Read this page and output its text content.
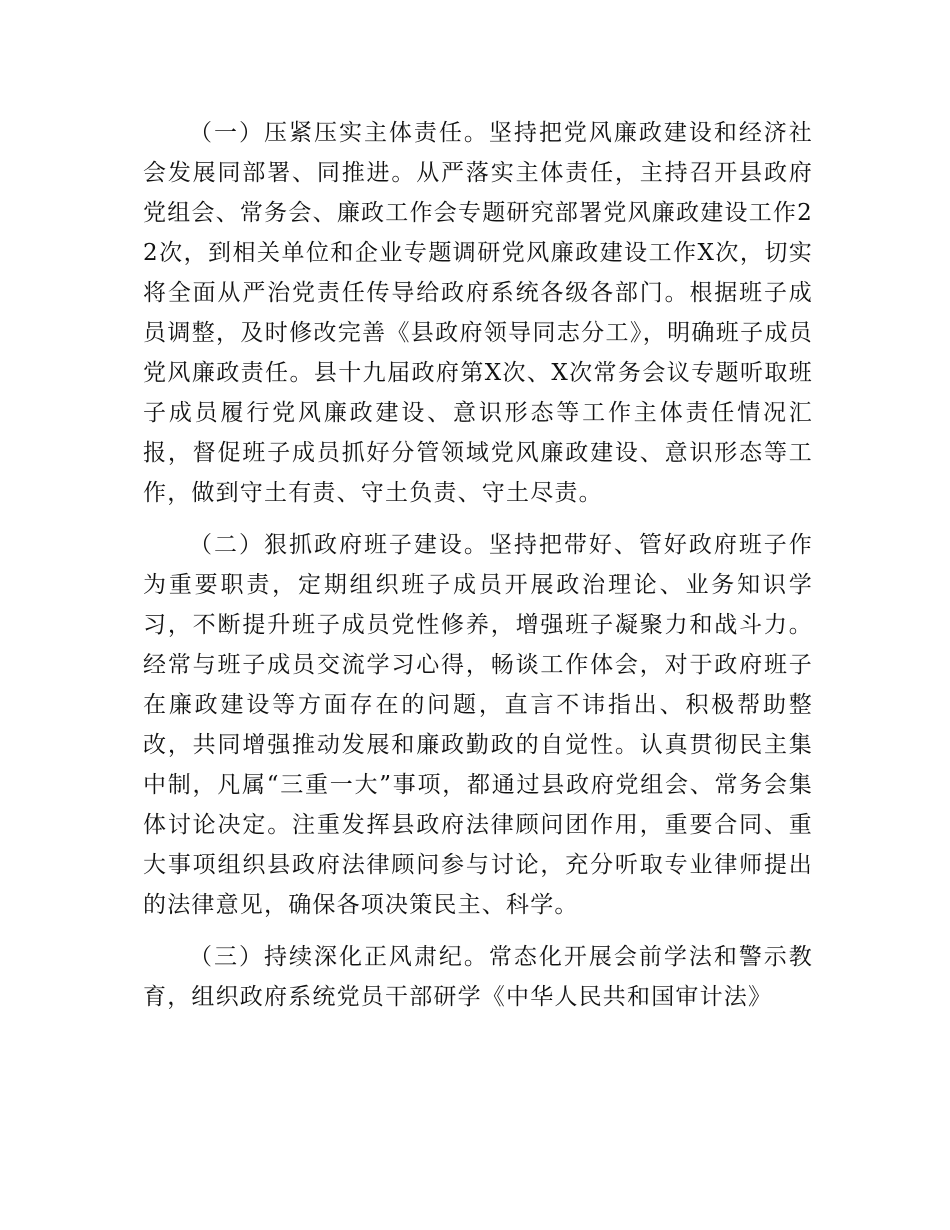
（一）压紧压实主体责任。坚持把党风廉政建设和经济社会发展同部署、同推进。从严落实主体责任，主持召开县政府党组会、常务会、廉政工作会专题研究部署党风廉政建设工作22次，到相关单位和企业专题调研党风廉政建设工作X次，切实将全面从严治党责任传导给政府系统各级各部门。根据班子成员调整，及时修改完善《县政府领导同志分工》，明确班子成员党风廉政责任。县十九届政府第X次、X次常务会议专题听取班子成员履行党风廉政建设、意识形态等工作主体责任情况汇报，督促班子成员抓好分管领域党风廉政建设、意识形态等工作，做到守土有责、守土负责、守土尽责。

（二）狠抓政府班子建设。坚持把带好、管好政府班子作为重要职责，定期组织班子成员开展政治理论、业务知识学习，不断提升班子成员党性修养，增强班子凝聚力和战斗力。经常与班子成员交流学习心得，畅谈工作体会，对于政府班子在廉政建设等方面存在的问题，直言不讳指出、积极帮助整改，共同增强推动发展和廉政勤政的自觉性。认真贯彻民主集中制，凡属“三重一大”事项，都通过县政府党组会、常务会集体讨论决定。注重发挥县政府法律顾问团作用，重要合同、重大事项组织县政府法律顾问参与讨论，充分听取专业律师提出的法律意见，确保各项决策民主、科学。

（三）持续深化正风肃纪。常态化开展会前学法和警示教育，组织政府系统党员干部研学《中华人民共和国审计法》
